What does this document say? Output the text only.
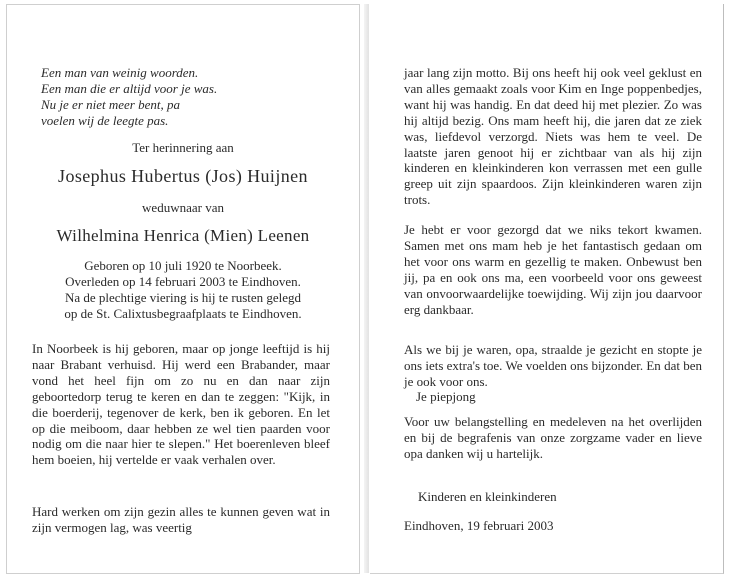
Een man van weinig woorden.
Een man die er altijd voor je was.
Nu je er niet meer bent, pa
voelen wij de leegte pas.
Ter herinnering aan
Josephus Hubertus (Jos) Huijnen
weduwnaar van
Wilhelmina Henrica (Mien) Leenen
Geboren op 10 juli 1920 te Noorbeek.
Overleden op 14 februari 2003 te Eindhoven.
Na de plechtige viering is hij te rusten gelegd
op de St. Calixtusbegraafplaats te Eindhoven.
In Noorbeek is hij geboren, maar op jonge leeftijd is hij naar Brabant verhuisd. Hij werd een Brabander, maar vond het heel fijn om zo nu en dan naar zijn geboortedorp terug te keren en dan te zeggen: "Kijk, in die boerderij, tegenover de kerk, ben ik geboren. En let op die meiboom, daar hebben ze wel tien paarden voor nodig om die naar hier te slepen." Het boerenleven bleef hem boeien, hij vertelde er vaak verhalen over.
Hard werken om zijn gezin alles te kunnen geven wat in zijn vermogen lag, was veertig
jaar lang zijn motto. Bij ons heeft hij ook veel geklust en van alles gemaakt zoals voor Kim en Inge poppenbedjes, want hij was handig. En dat deed hij met plezier. Zo was hij altijd bezig. Ons mam heeft hij, die jaren dat ze ziek was, liefdevol verzorgd. Niets was hem te veel. De laatste jaren genoot hij er zichtbaar van als hij zijn kinderen en kleinkinderen kon verrassen met een gulle greep uit zijn spaardoos. Zijn kleinkinderen waren zijn trots.
Je hebt er voor gezorgd dat we niks tekort kwamen. Samen met ons mam heb je het fantastisch gedaan om het voor ons warm en gezellig te maken. Onbewust ben jij, pa en ook ons ma, een voorbeeld voor ons geweest van onvoorwaardelijke toewijding. Wij zijn jou daarvoor erg dankbaar.
Als we bij je waren, opa, straalde je gezicht en stopte je ons iets extra's toe. We voelden ons bijzonder. En dat ben je ook voor ons.
Je piepjong
Voor uw belangstelling en medeleven na het overlijden en bij de begrafenis van onze zorgzame vader en lieve opa danken wij u hartelijk.
Kinderen en kleinkinderen
Eindhoven, 19 februari 2003
